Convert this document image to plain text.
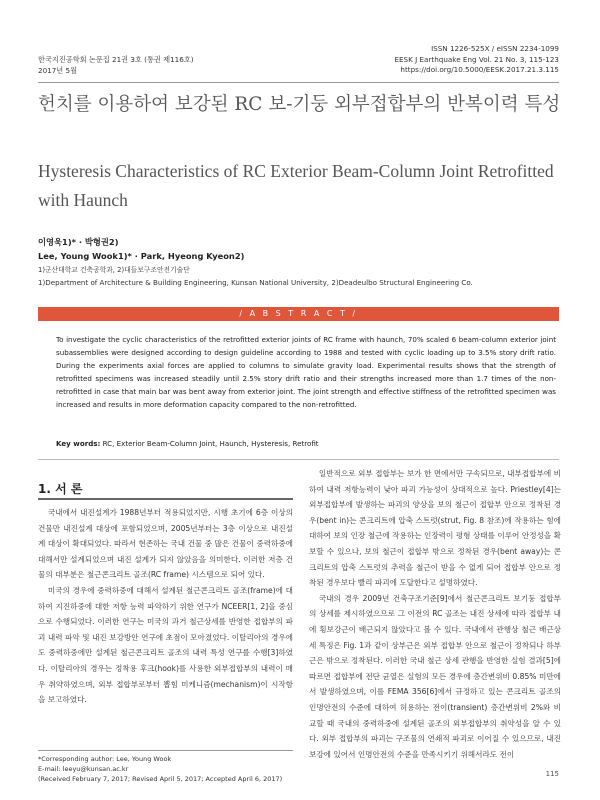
한국지진공학회 논문집 21권 3호 (통권 제116호)
2017년 5월
ISSN 1226-525X / eISSN 2234-1099
EESK J Earthquake Eng Vol. 21 No. 3, 115-123
https://doi.org/10.5000/EESK.2017.21.3.115
헌치를 이용하여 보강된 RC 보-기둥 외부접합부의 반복이력 특성
Hysteresis Characteristics of RC Exterior Beam-Column Joint Retrofitted with Haunch
이영욱1)* · 박형권2)
Lee, Young Wook1)* · Park, Hyeong Kyeon2)
1)군산대학교 건축공학과, 2)대들보구조안전기술단
1)Department of Architecture & Building Engineering, Kunsan National University, 2)Deadeulbo Structural Engineering Co.
/ A B S T R A C T /
To investigate the cyclic characteristics of the retrofitted exterior joints of RC frame with haunch, 70% scaled 6 beam-column exterior joint subassemblies were designed according to design guideline according to 1988 and tested with cyclic loading up to 3.5% story drift ratio. During the experiments axial forces are applied to columns to simulate gravity load. Experimental results shows that the strength of retrofitted specimens was increased steadily until 2.5% story drift ratio and their strengths increased more than 1.7 times of the non-retrofitted in case that main bar was bent away from exterior joint. The joint strength and effective stiffness of the retrofitted specimen was increased and results in more deformation capacity compared to the non-retrofitted.
Key words: RC, Exterior Beam-Column Joint, Haunch, Hysteresis, Retrofit
1. 서 론

국내에서 내진설계가 1988년부터 적용되었지만, 시행 초기에 6층 이상의 건물만 내진설계 대상에 포함되었으며, 2005년부터는 3층 이상으로 내진설계 대상이 확대되었다. 따라서 현존하는 국내 건물 중 많은 건물이 중력하중에 대해서만 설계되었으며 내진 설계가 되지 않았음을 의미한다. 이러한 저층 건물의 대부분은 철근콘크리트 골조(RC frame) 시스템으로 되어 있다.

미국의 경우에 중력하중에 대해서 설계된 철근콘크리트 골조(frame)에 대하여 지진하중에 대한 저항 능력 파악하기 위한 연구가 NCEER[1, 2]을 중심으로 수행되었다. 이러한 연구는 미국의 과거 철근상세를 반영한 접합부의 파괴 내력 파악 및 내진 보강방안 연구에 초점이 모아졌었다. 이탈리아의 경우에도 중력하중에만 설계된 철근콘크리트 골조의 내력 특성 연구를 수행[3]하였다. 이탈리아의 경우는 정착용 후크(hook)를 사용한 외부접합부의 내력이 매우 취약하였으며, 외부 접합부로부터 뽑힘 미케니즘(mechanism)이 시작함을 보고하였다.

일반적으로 외부 접합부는 보가 한 면에서만 구속되므로, 내부접합부에 비하여 내력 저항능력이 낮아 파괴 가능성이 상대적으로 높다. Priestley[4]는 외부접합부에 발생하는 파괴의 양상을 보의 철근이 접합부 안으로 정착된 경우(bent in)는 콘크리트에 압축 스트럿(strut, Fig. 8 참조)에 작용하는 힘에 대하여 보의 인장 철근에 작용하는 인장력이 평형 상태를 이루어 안정성을 확보할 수 있으나, 보의 철근이 접합부 밖으로 정착된 경우(bent away)는 콘크리트의 압축 스트럿의 추력을 철근이 받을 수 없게 되어 접합부 안으로 정착된 경우보다 빨리 파괴에 도달한다고 설명하였다.

국내의 경우 2009년 건축구조기준[9]에서 철근콘크리트 보기둥 접합부의 상세를 제시하였으므로 그 이전의 RC 골조는 내진 상세에 따라 접합부 내에 횡보강근이 배근되지 않았다고 볼 수 있다. 국내에서 관행상 철근 배근상세 특징은 Fig. 1과 같이 상부근은 외부 접합부 안으로 철근이 정착되나 하부근은 밖으로 정착된다. 이러한 국내 철근 상세 관행을 반영한 실험 결과[5]에 따르면 접합부에 전단 균열은 실험의 모든 경우에 층간변위비 0.85% 미만에서 발생하였으며, 이를 FEMA 356[6]에서 규정하고 있는 콘크리트 골조의 인명안전의 수준에 대하여 허용하는 전이(transient) 층간변위비 2%와 비교할 때 국내의 중력하중에 설계된 골조의 외부접합부의 취약성을 알 수 있다. 외부 접합부의 파괴는 구조물의 연쇄적 파괴로 이어질 수 있으므로, 내진보강에 있어서 인명안전의 수준을 만족시키기 위해서라도 전이

*Corresponding author: Lee, Young Wook
E-mail: leeyu@kunsan.ac.kr
(Received February 7, 2017; Revised April 5, 2017; Accepted April 6, 2017)
115
